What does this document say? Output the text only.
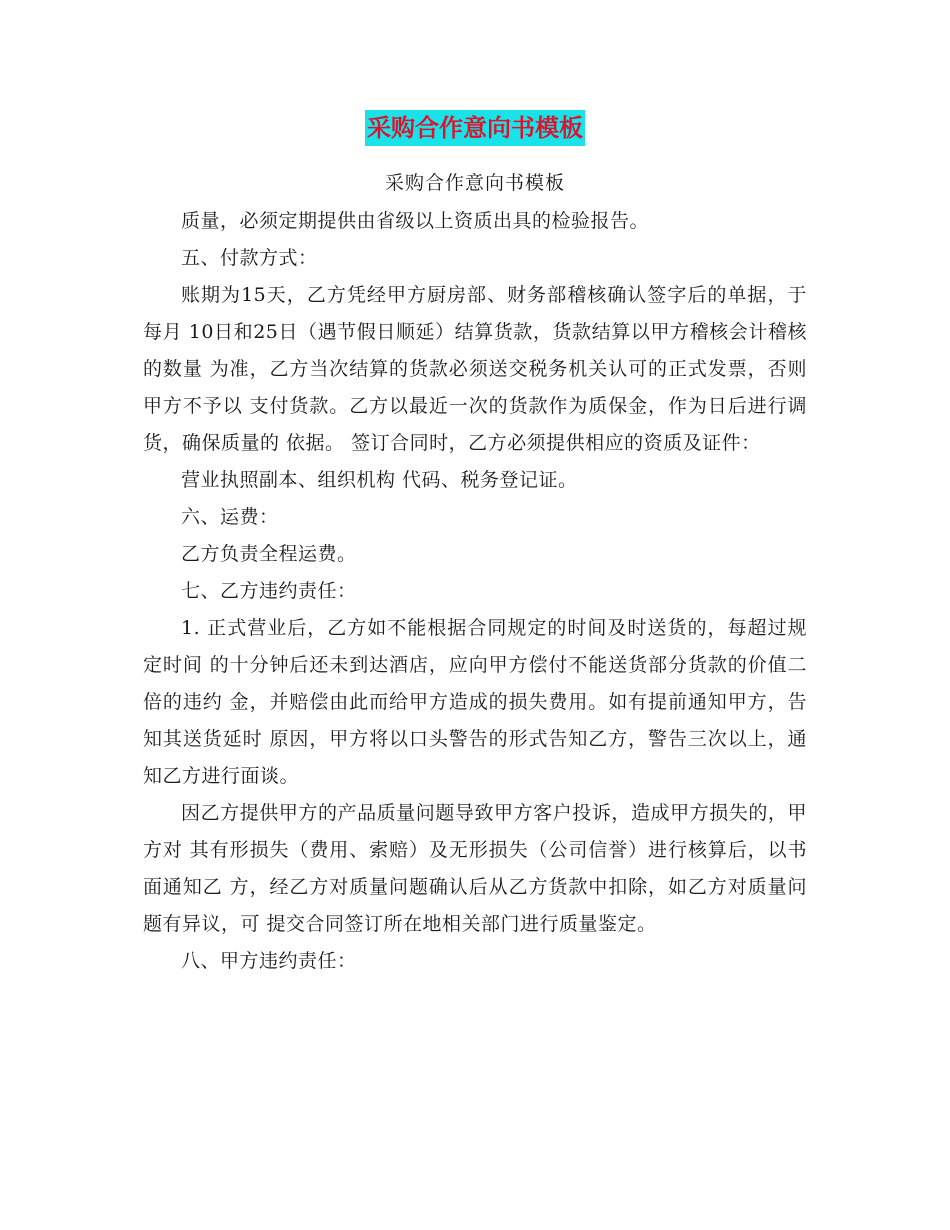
采购合作意向书模板
采购合作意向书模板

质量，必须定期提供由省级以上资质出具的检验报告。

五、付款方式：

账期为15天，乙方凭经甲方厨房部、财务部稽核确认签字后的单据，于每月 10日和25日（遇节假日顺延）结算货款，货款结算以甲方稽核会计稽核的数量 为准，乙方当次结算的货款必须送交税务机关认可的正式发票，否则甲方不予以 支付货款。乙方以最近一次的货款作为质保金，作为日后进行调货，确保质量的 依据。 签订合同时，乙方必须提供相应的资质及证件：

营业执照副本、组织机构 代码、税务登记证。

六、运费：

乙方负责全程运费。

七、乙方违约责任：

1. 正式营业后，乙方如不能根据合同规定的时间及时送货的，每超过规定时间 的十分钟后还未到达酒店，应向甲方偿付不能送货部分货款的价值二倍的违约 金，并赔偿由此而给甲方造成的损失费用。如有提前通知甲方，告知其送货延时 原因，甲方将以口头警告的形式告知乙方，警告三次以上，通知乙方进行面谈。

因乙方提供甲方的产品质量问题导致甲方客户投诉，造成甲方损失的，甲方对 其有形损失（费用、索赔）及无形损失（公司信誉）进行核算后，以书面通知乙 方，经乙方对质量问题确认后从乙方货款中扣除，如乙方对质量问题有异议，可 提交合同签订所在地相关部门进行质量鉴定。

八、甲方违约责任：
